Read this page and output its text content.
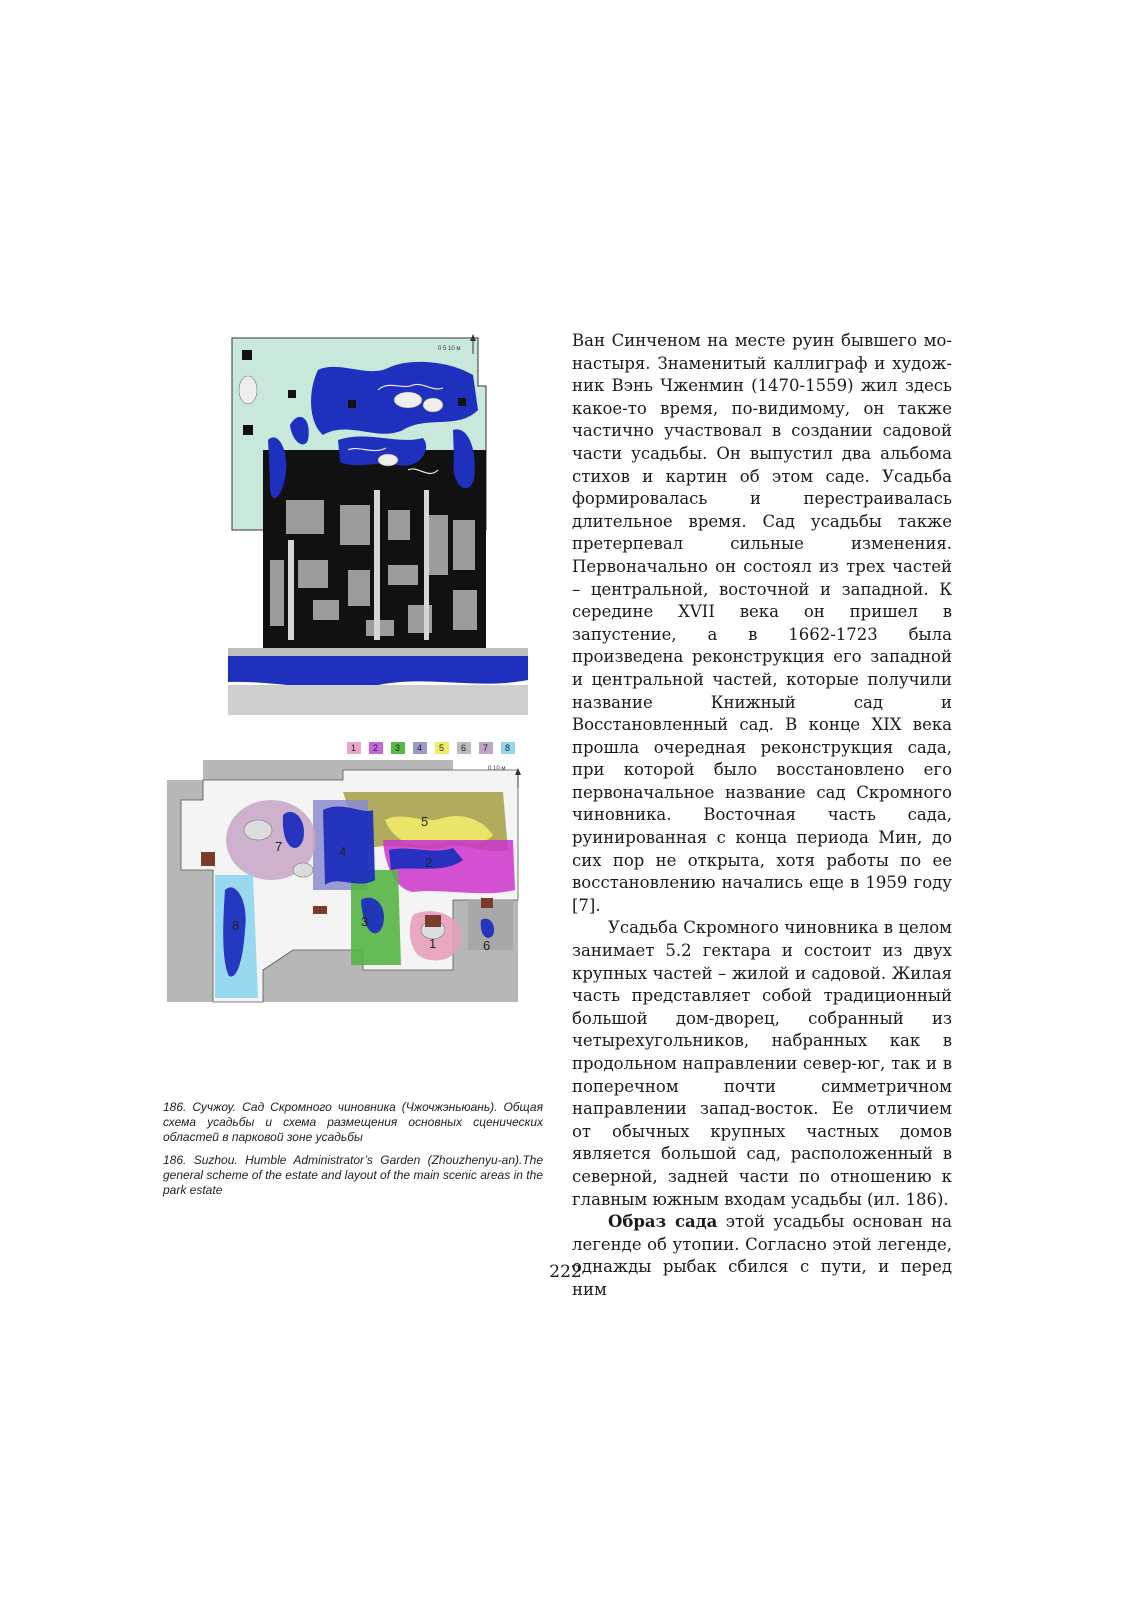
0 5 10 м
1
2
3
4
5
6
7
8
1 2 3 4 5 6 7 8
0 10 м

186. Сучжоу. Сад Скромного чиновника (Чжочжэньюань). Общая схема усадьбы и схема размещения основных сценических областей в парковой зоне усадьбы

186. Suzhou. Humble Administrator’s Garden (Zhouzhenyu-an).The general scheme of the estate and layout of the main scenic areas in the park estate

Ван Синченом на месте руин бывшего монастыря. Знаменитый каллиграф и художник Вэнь Чженмин (1470-1559) жил здесь какое-то время, по-видимому, он также частично участвовал в создании садовой части усадьбы. Он выпустил два альбома стихов и картин об этом саде. Усадьба формировалась и перестраивалась длительное время. Сад усадьбы также претерпевал сильные изменения. Первоначально он состоял из трех частей – центральной, восточной и западной. К середине XVII века он пришел в запустение, а в 1662-1723 была произведена реконструкция его западной и центральной частей, которые получили название Книжный сад и Восстановленный сад. В конце XIX века прошла очередная реконструкция сада, при которой было восстановлено его первоначальное название сад Скромного чиновника. Восточная часть сада, руинированная с конца периода Мин, до сих пор не открыта, хотя работы по ее восстановлению начались еще в 1959 году [7].

Усадьба Скромного чиновника в целом занимает 5.2 гектара и состоит из двух крупных частей – жилой и садовой. Жилая часть представляет собой традиционный большой дом-дворец, собранный из четырехугольников, набранных как в продольном направлении север-юг, так и в поперечном почти симметричном направлении запад-восток. Ее отличием от обычных крупных частных домов является большой сад, расположенный в северной, задней части по отношению к главным южным входам усадьбы (ил. 186).

Образ сада этой усадьбы основан на легенде об утопии. Согласно этой легенде, однажды рыбак сбился с пути, и перед ним

222
